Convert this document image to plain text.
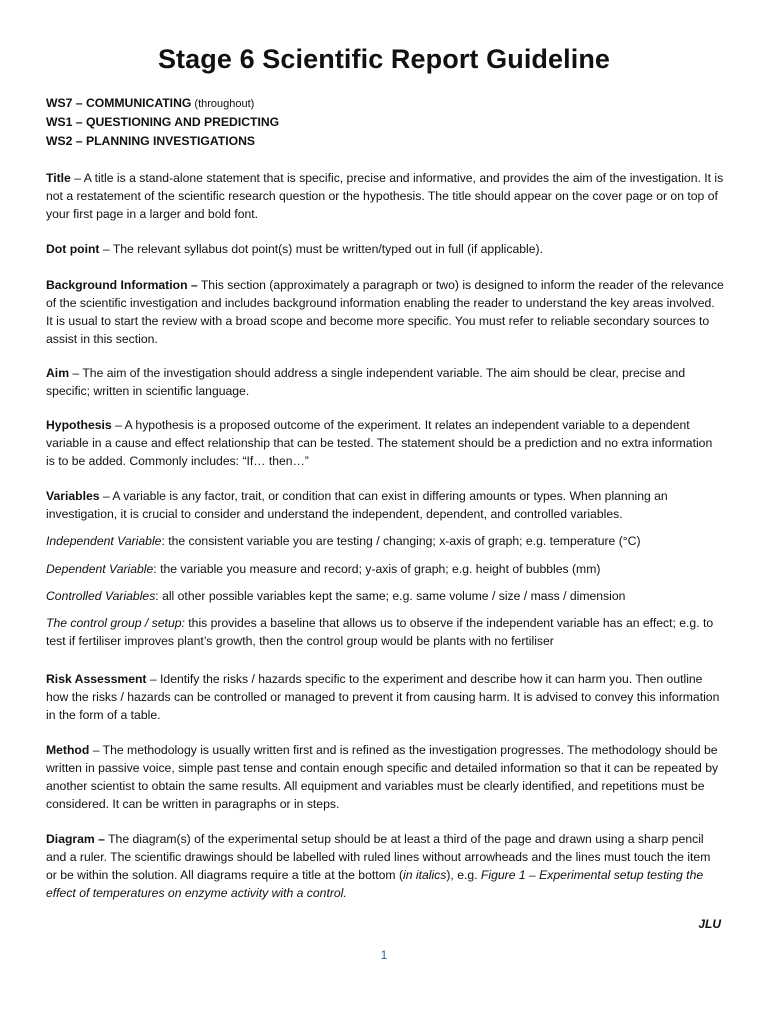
Stage 6 Scientific Report Guideline
WS7 – COMMUNICATING (throughout)
WS1 – QUESTIONING AND PREDICTING
WS2 – PLANNING INVESTIGATIONS
Title – A title is a stand-alone statement that is specific, precise and informative, and provides the aim of the investigation. It is not a restatement of the scientific research question or the hypothesis. The title should appear on the cover page or on top of your first page in a larger and bold font.
Dot point – The relevant syllabus dot point(s) must be written/typed out in full (if applicable).
Background Information – This section (approximately a paragraph or two) is designed to inform the reader of the relevance of the scientific investigation and includes background information enabling the reader to understand the key areas involved. It is usual to start the review with a broad scope and become more specific. You must refer to reliable secondary sources to assist in this section.
Aim – The aim of the investigation should address a single independent variable. The aim should be clear, precise and specific; written in scientific language.
Hypothesis – A hypothesis is a proposed outcome of the experiment. It relates an independent variable to a dependent variable in a cause and effect relationship that can be tested. The statement should be a prediction and no extra information is to be added. Commonly includes: “If… then…”
Variables – A variable is any factor, trait, or condition that can exist in differing amounts or types. When planning an investigation, it is crucial to consider and understand the independent, dependent, and controlled variables.
Independent Variable: the consistent variable you are testing / changing; x-axis of graph; e.g. temperature (°C)
Dependent Variable: the variable you measure and record; y-axis of graph; e.g. height of bubbles (mm)
Controlled Variables: all other possible variables kept the same; e.g. same volume / size / mass / dimension
The control group / setup: this provides a baseline that allows us to observe if the independent variable has an effect; e.g. to test if fertiliser improves plant’s growth, then the control group would be plants with no fertiliser
Risk Assessment – Identify the risks / hazards specific to the experiment and describe how it can harm you. Then outline how the risks / hazards can be controlled or managed to prevent it from causing harm. It is advised to convey this information in the form of a table.
Method – The methodology is usually written first and is refined as the investigation progresses. The methodology should be written in passive voice, simple past tense and contain enough specific and detailed information so that it can be repeated by another scientist to obtain the same results. All equipment and variables must be clearly identified, and repetitions must be considered. It can be written in paragraphs or in steps.
Diagram – The diagram(s) of the experimental setup should be at least a third of the page and drawn using a sharp pencil and a ruler. The scientific drawings should be labelled with ruled lines without arrowheads and the lines must touch the item or be within the solution. All diagrams require a title at the bottom (in italics), e.g. Figure 1 – Experimental setup testing the effect of temperatures on enzyme activity with a control.
JLU
1
